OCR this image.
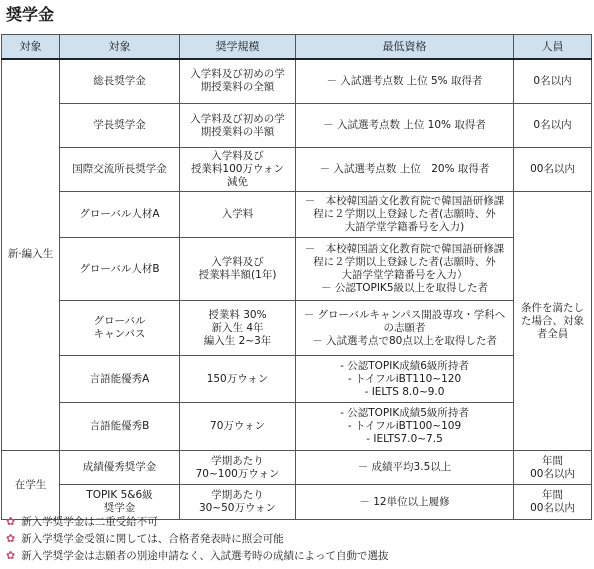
奨学金
対象	対象	奨学規模	最低資格	人員
新·編入生	総長奨学金	入学料及び初めの学
期授業料の全額	－ 入試選考点数 上位 5% 取得者	0名以内

	学長奨学金	入学料及び初めの学
期授業料の半額	－ 入試選考点数 上位 10% 取得者	0名以内

	国際交流所長奨学金	入学料及び
授業料100万ウォン
減免	－ 入試選考点数 上位　20% 取得者	00名以内

	グローバル人材A	入学料	－　本校韓国語文化教育院で韓国語研修課
程に２学期以上登録した者(志願時、外
大語学堂学籍番号を入力)	条件を満たし
た場合、対象
者全員

	グローバル人材B	入学料及び
授業料半額(1年)	－　本校韓国語文化教育院で韓国語研修課
程に２学期以上登録した者(志願時、外
大語学堂学籍番号を入力）
－ 公認TOPIK5級以上を取得した者	

	グローバル
キャンパス	授業料 30%
新入生 4年
編入生 2~3年	－ グローバルキャンパス開設専攻・学科へ
の志願者
－ 入試選考点で80点以上を取得した者	

	言語能優秀A	150万ウォン	- 公認TOPIK成績6級所持者
- トイフルiBT110~120
- IELTS 8.0~9.0	

	言語能優秀B	70万ウォン	- 公認TOPIK成績5級所持者
- トイフルiBT100~109
- IELTS7.0~7.5	

在学生	成績優秀奨学金	学期あたり
70~100万ウォン	－ 成績平均3.5以上	年間
00名以内

	TOPIK 5&6級
奨学金	学期あたり
30~50万ウォン	－ 12単位以上履修	年間
00名以内
✿ 新入学奨学金は二重受給不可
✿ 新入学奨学金受領に関しては、合格者発表時に照会可能
✿ 新入学奨学金は志願者の別途申請なく、入試選考時の成績によって自動で選抜
